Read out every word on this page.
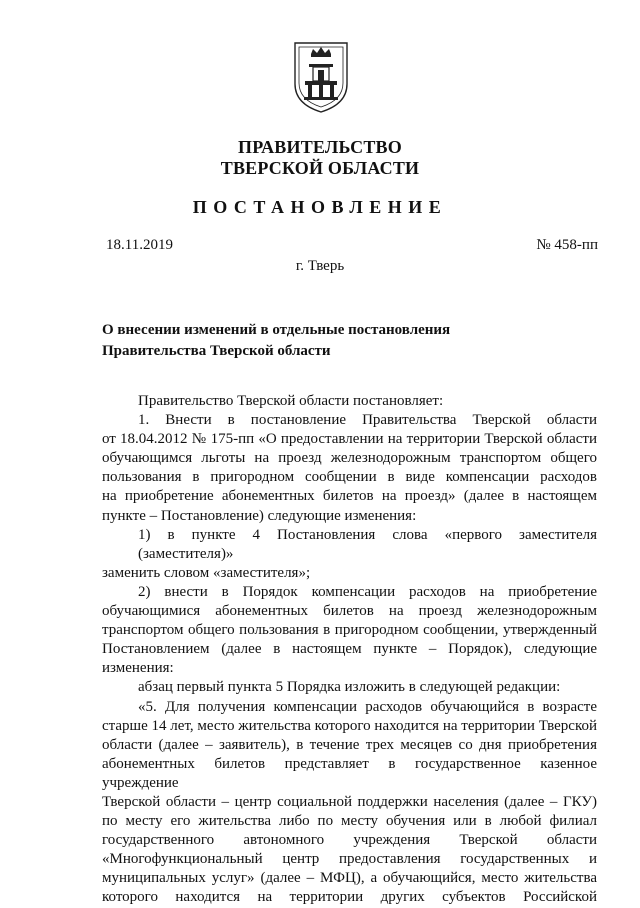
ПРАВИТЕЛЬСТВО
ТВЕРСКОЙ ОБЛАСТИ
ПОСТАНОВЛЕНИЕ
18.11.2019	№ 458-пп
г. Тверь
О внесении изменений в отдельные постановления
Правительства Тверской области
Правительство Тверской области постановляет:
1. Внести в постановление Правительства Тверской области
от 18.04.2012 № 175-пп «О предоставлении на территории Тверской области
обучающимся льготы на проезд железнодорожным транспортом общего
пользования в пригородном сообщении в виде компенсации расходов
на приобретение абонементных билетов на проезд» (далее в настоящем
пункте – Постановление) следующие изменения:
1) в пункте 4 Постановления слова «первого заместителя (заместителя)»
заменить словом «заместителя»;
2) внести в Порядок компенсации расходов на приобретение
обучающимися абонементных билетов на проезд железнодорожным
транспортом общего пользования в пригородном сообщении, утвержденный
Постановлением (далее в настоящем пункте – Порядок), следующие
изменения:
абзац первый пункта 5 Порядка изложить в следующей редакции:
«5. Для получения компенсации расходов обучающийся в возрасте
старше 14 лет, место жительства которого находится на территории Тверской
области (далее – заявитель), в течение трех месяцев со дня приобретения
абонементных билетов представляет в государственное казенное учреждение
Тверской области – центр социальной поддержки населения (далее – ГКУ)
по месту его жительства либо по месту обучения или в любой филиал
государственного автономного учреждения Тверской области
«Многофункциональный центр предоставления государственных и
муниципальных услуг» (далее – МФЦ), а обучающийся, место жительства
которого находится на территории других субъектов Российской
